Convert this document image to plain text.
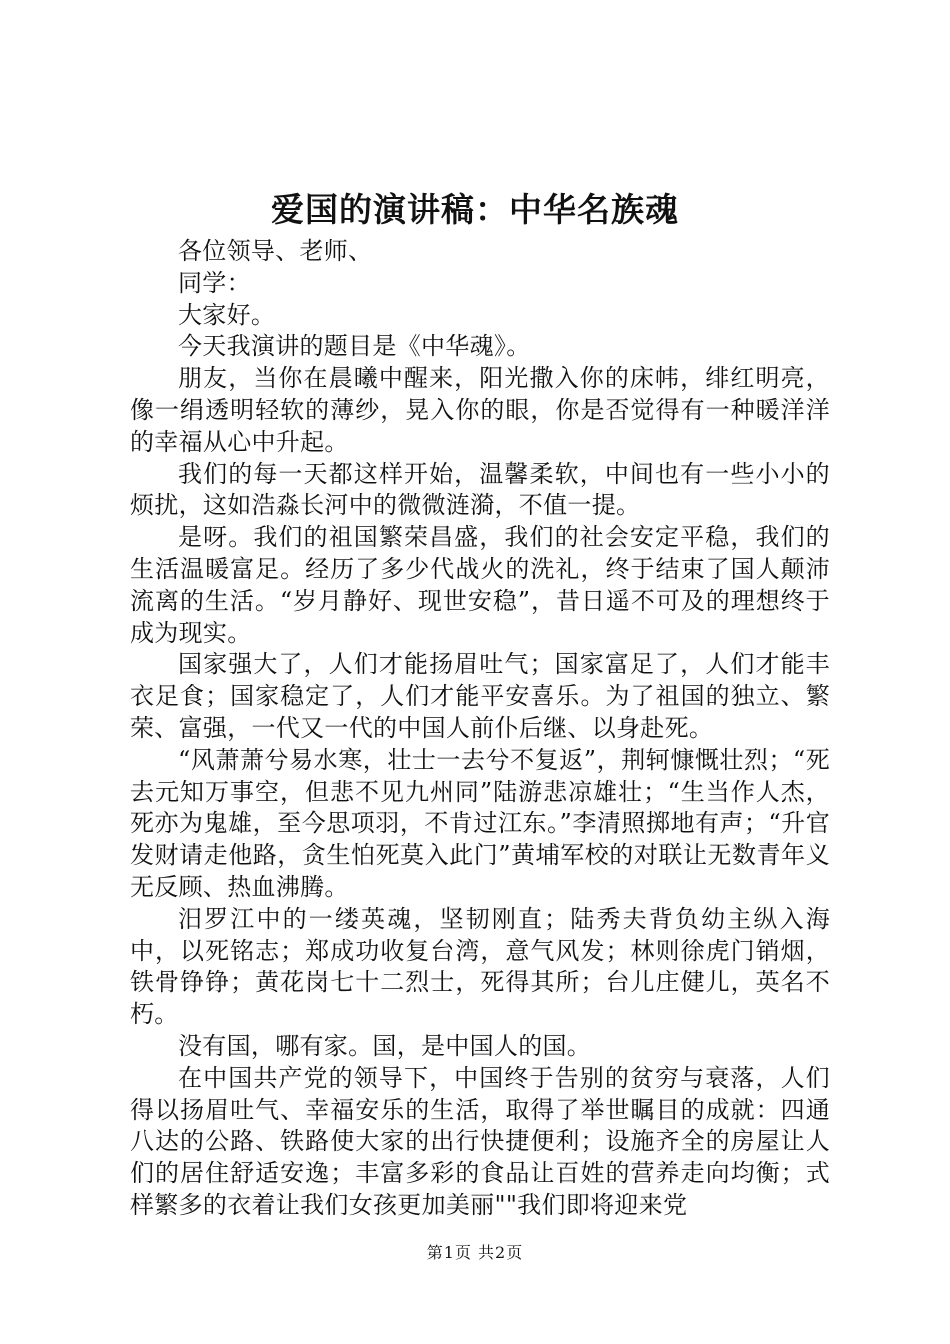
爱国的演讲稿：中华名族魂

各位领导、老师、

同学：

大家好。

今天我演讲的题目是《中华魂》。

朋友，当你在晨曦中醒来，阳光撒入你的床帏，绯红明亮，像一绢透明轻软的薄纱，晃入你的眼，你是否觉得有一种暖洋洋的幸福从心中升起。

我们的每一天都这样开始，温馨柔软，中间也有一些小小的烦扰，这如浩淼长河中的微微涟漪，不值一提。

是呀。我们的祖国繁荣昌盛，我们的社会安定平稳，我们的生活温暖富足。经历了多少代战火的洗礼，终于结束了国人颠沛流离的生活。“岁月静好、现世安稳”，昔日遥不可及的理想终于成为现实。

国家强大了，人们才能扬眉吐气；国家富足了，人们才能丰衣足食；国家稳定了，人们才能平安喜乐。为了祖国的独立、繁荣、富强，一代又一代的中国人前仆后继、以身赴死。

“风萧萧兮易水寒，壮士一去兮不复返”，荆轲慷慨壮烈；“死去元知万事空，但悲不见九州同”陆游悲凉雄壮；“生当作人杰，死亦为鬼雄，至今思项羽，不肯过江东。”李清照掷地有声；“升官发财请走他路，贪生怕死莫入此门”黄埔军校的对联让无数青年义无反顾、热血沸腾。

汨罗江中的一缕英魂，坚韧刚直；陆秀夫背负幼主纵入海中，以死铭志；郑成功收复台湾，意气风发；林则徐虎门销烟，铁骨铮铮；黄花岗七十二烈士，死得其所；台儿庄健儿，英名不朽。

没有国，哪有家。国，是中国人的国。

在中国共产党的领导下，中国终于告别的贫穷与衰落，人们得以扬眉吐气、幸福安乐的生活，取得了举世瞩目的成就：四通八达的公路、铁路使大家的出行快捷便利；设施齐全的房屋让人们的居住舒适安逸；丰富多彩的食品让百姓的营养走向均衡；式样繁多的衣着让我们女孩更加美丽""我们即将迎来党

第1页 共2页
